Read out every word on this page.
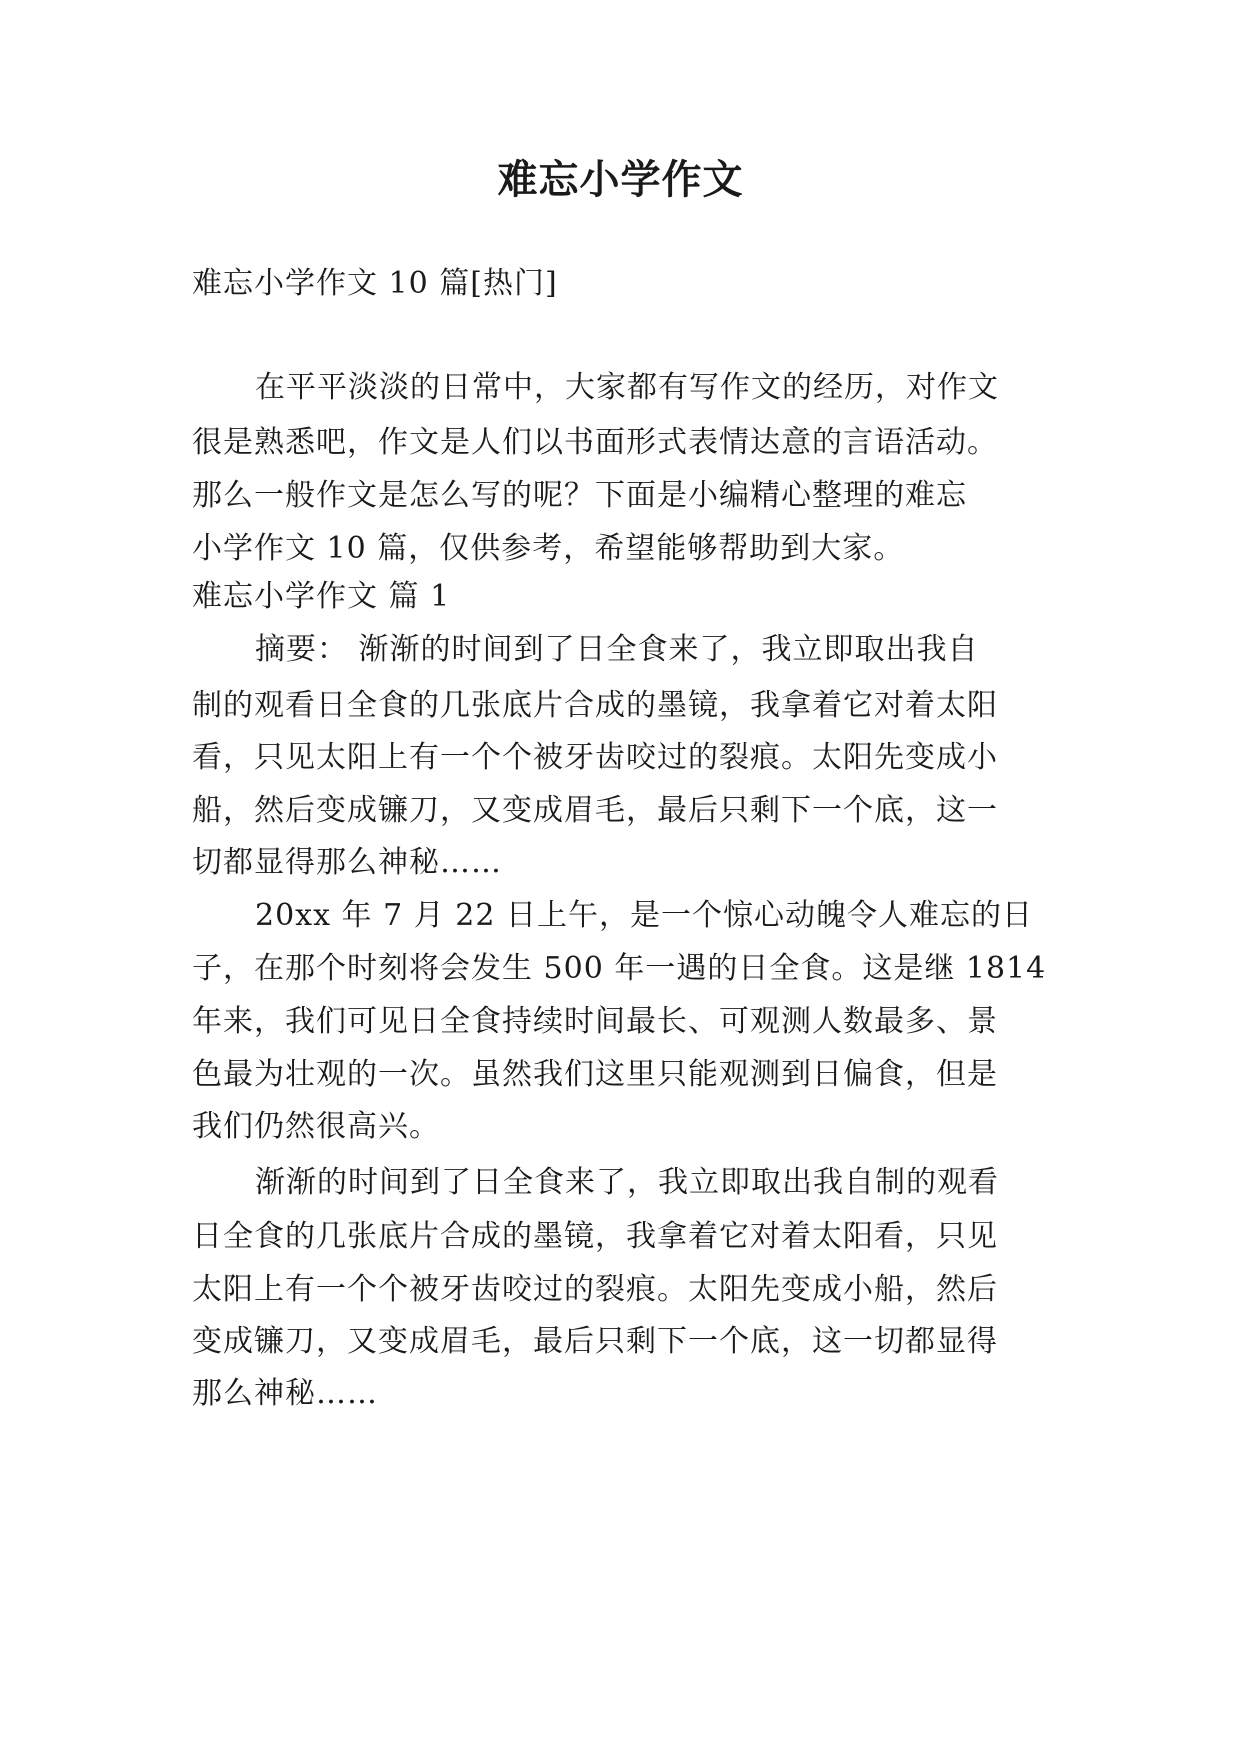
难忘小学作文
难忘小学作文 10 篇[热门]
在平平淡淡的日常中，大家都有写作文的经历，对作文
很是熟悉吧，作文是人们以书面形式表情达意的言语活动。
那么一般作文是怎么写的呢？下面是小编精心整理的难忘
小学作文 10 篇，仅供参考，希望能够帮助到大家。
难忘小学作文 篇 1
摘要： 渐渐的时间到了日全食来了，我立即取出我自
制的观看日全食的几张底片合成的墨镜，我拿着它对着太阳
看，只见太阳上有一个个被牙齿咬过的裂痕。太阳先变成小
船，然后变成镰刀，又变成眉毛，最后只剩下一个底，这一
切都显得那么神秘……
20xx 年 7 月 22 日上午，是一个惊心动魄令人难忘的日
子，在那个时刻将会发生 500 年一遇的日全食。这是继 1814
年来，我们可见日全食持续时间最长、可观测人数最多、景
色最为壮观的一次。虽然我们这里只能观测到日偏食，但是
我们仍然很高兴。
渐渐的时间到了日全食来了，我立即取出我自制的观看
日全食的几张底片合成的墨镜，我拿着它对着太阳看，只见
太阳上有一个个被牙齿咬过的裂痕。太阳先变成小船，然后
变成镰刀，又变成眉毛，最后只剩下一个底，这一切都显得
那么神秘……
